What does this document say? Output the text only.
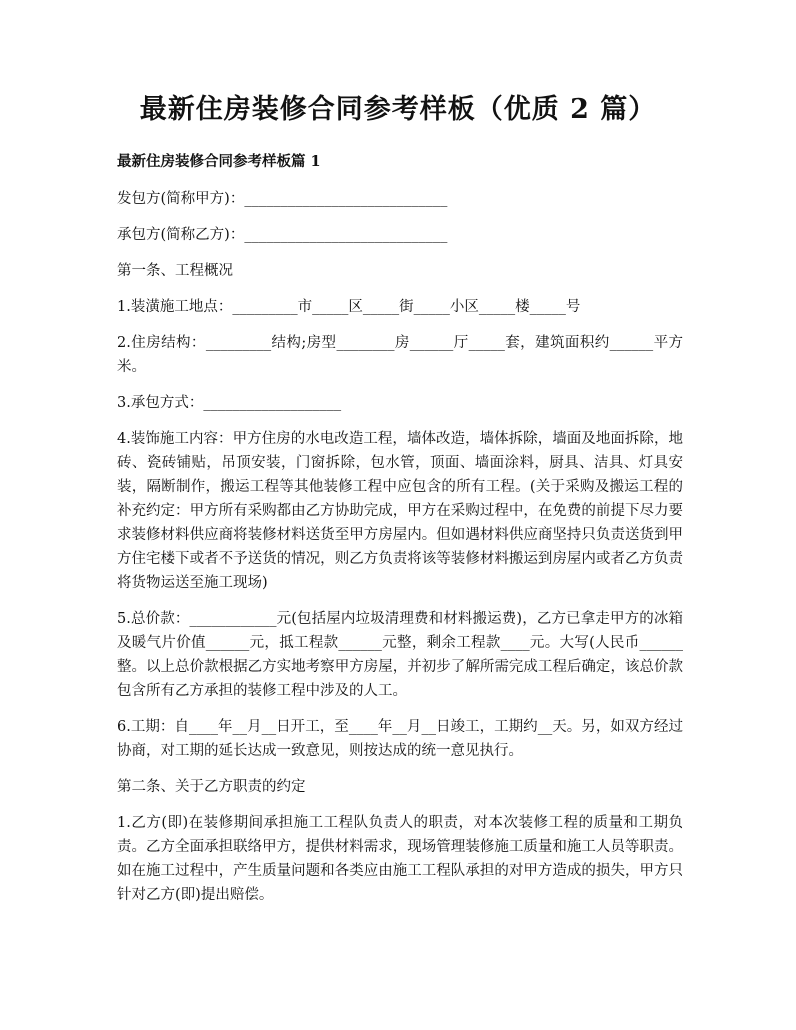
最新住房装修合同参考样板（优质 2 篇）

最新住房装修合同参考样板篇 1

发包方(简称甲方)：____________________________

承包方(简称乙方)：____________________________

第一条、工程概况

1.装潢施工地点：_________市_____区_____街_____小区_____楼_____号

2.住房结构：_________结构;房型________房______厅_____套，建筑面积约______平方米。

3.承包方式：___________________

4.装饰施工内容：甲方住房的水电改造工程，墙体改造，墙体拆除，墙面及地面拆除，地砖、瓷砖铺贴，吊顶安装，门窗拆除，包水管，顶面、墙面涂料，厨具、洁具、灯具安装，隔断制作，搬运工程等其他装修工程中应包含的所有工程。(关于采购及搬运工程的补充约定：甲方所有采购都由乙方协助完成，甲方在采购过程中，在免费的前提下尽力要求装修材料供应商将装修材料送货至甲方房屋内。但如遇材料供应商坚持只负责送货到甲方住宅楼下或者不予送货的情况，则乙方负责将该等装修材料搬运到房屋内或者乙方负责将货物运送至施工现场)

5.总价款：____________元(包括屋内垃圾清理费和材料搬运费)，乙方已拿走甲方的冰箱及暖气片价值______元，抵工程款______元整，剩余工程款____元。大写(人民币______整。以上总价款根据乙方实地考察甲方房屋，并初步了解所需完成工程后确定，该总价款包含所有乙方承担的装修工程中涉及的人工。

6.工期：自____年__月__日开工，至____年__月__日竣工，工期约__天。另，如双方经过协商，对工期的延长达成一致意见，则按达成的统一意见执行。

第二条、关于乙方职责的约定

1.乙方(即)在装修期间承担施工工程队负责人的职责，对本次装修工程的质量和工期负责。乙方全面承担联络甲方，提供材料需求，现场管理装修施工质量和施工人员等职责。如在施工过程中，产生质量问题和各类应由施工工程队承担的对甲方造成的损失，甲方只针对乙方(即)提出赔偿。
